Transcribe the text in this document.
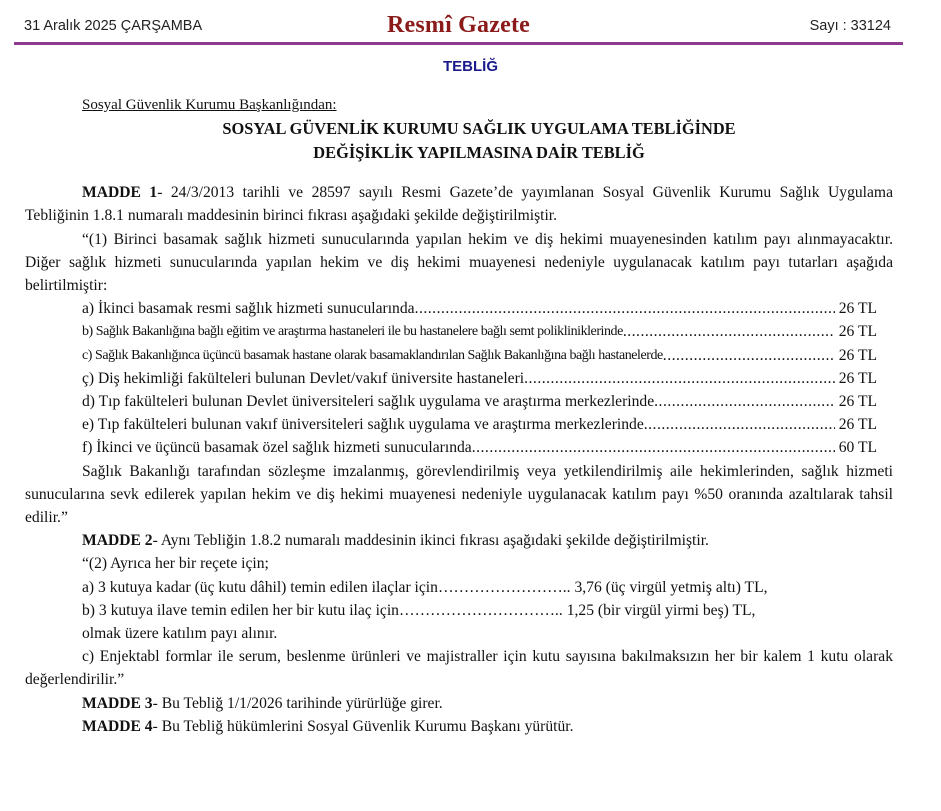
31 Aralık 2025 ÇARŞAMBA	Resmî Gazete	Sayı : 33124
TEBLİĞ
Sosyal Güvenlik Kurumu Başkanlığından:
SOSYAL GÜVENLİK KURUMU SAĞLIK UYGULAMA TEBLİĞİNDE
DEĞİŞİKLİK YAPILMASINA DAİR TEBLİĞ

MADDE 1- 24/3/2013 tarihli ve 28597 sayılı Resmi Gazete’de yayımlanan Sosyal Güvenlik Kurumu Sağlık Uygulama Tebliğinin 1.8.1 numaralı maddesinin birinci fıkrası aşağıdaki şekilde değiştirilmiştir.

“(1) Birinci basamak sağlık hizmeti sunucularında yapılan hekim ve diş hekimi muayenesinden katılım payı alınmayacaktır. Diğer sağlık hizmeti sunucularında yapılan hekim ve diş hekimi muayenesi nedeniyle uygulanacak katılım payı tutarları aşağıda belirtilmiştir:

a) İkinci basamak resmi sağlık hizmeti sunucularında .....	26 TL
b) Sağlık Bakanlığına bağlı eğitim ve araştırma hastaneleri ile bu hastanelere bağlı semt polikliniklerinde .....	26 TL
c) Sağlık Bakanlığınca üçüncü basamak hastane olarak basamaklandırılan Sağlık Bakanlığına bağlı hastanelerde .....	26 TL
ç) Diş hekimliği fakülteleri bulunan Devlet/vakıf üniversite hastaneleri .....	26 TL
d) Tıp fakülteleri bulunan Devlet üniversiteleri sağlık uygulama ve araştırma merkezlerinde .....	26 TL
e) Tıp fakülteleri bulunan vakıf üniversiteleri sağlık uygulama ve araştırma merkezlerinde .....	26 TL
f) İkinci ve üçüncü basamak özel sağlık hizmeti sunucularında .....	60 TL

Sağlık Bakanlığı tarafından sözleşme imzalanmış, görevlendirilmiş veya yetkilendirilmiş aile hekimlerinden, sağlık hizmeti sunucularına sevk edilerek yapılan hekim ve diş hekimi muayenesi nedeniyle uygulanacak katılım payı %50 oranında azaltılarak tahsil edilir.”

MADDE 2- Aynı Tebliğin 1.8.2 numaralı maddesinin ikinci fıkrası aşağıdaki şekilde değiştirilmiştir.

“(2) Ayrıca her bir reçete için;

a) 3 kutuya kadar (üç kutu dâhil) temin edilen ilaçlar için …………………….. 3,76 (üç virgül yetmiş altı) TL,
b) 3 kutuya ilave temin edilen her bir kutu ilaç için ………………………….. 1,25 (bir virgül yirmi beş) TL,

olmak üzere katılım payı alınır.

c) Enjektabl formlar ile serum, beslenme ürünleri ve majistraller için kutu sayısına bakılmaksızın her bir kalem 1 kutu olarak değerlendirilir.”

MADDE 3- Bu Tebliğ 1/1/2026 tarihinde yürürlüğe girer.

MADDE 4- Bu Tebliğ hükümlerini Sosyal Güvenlik Kurumu Başkanı yürütür.
